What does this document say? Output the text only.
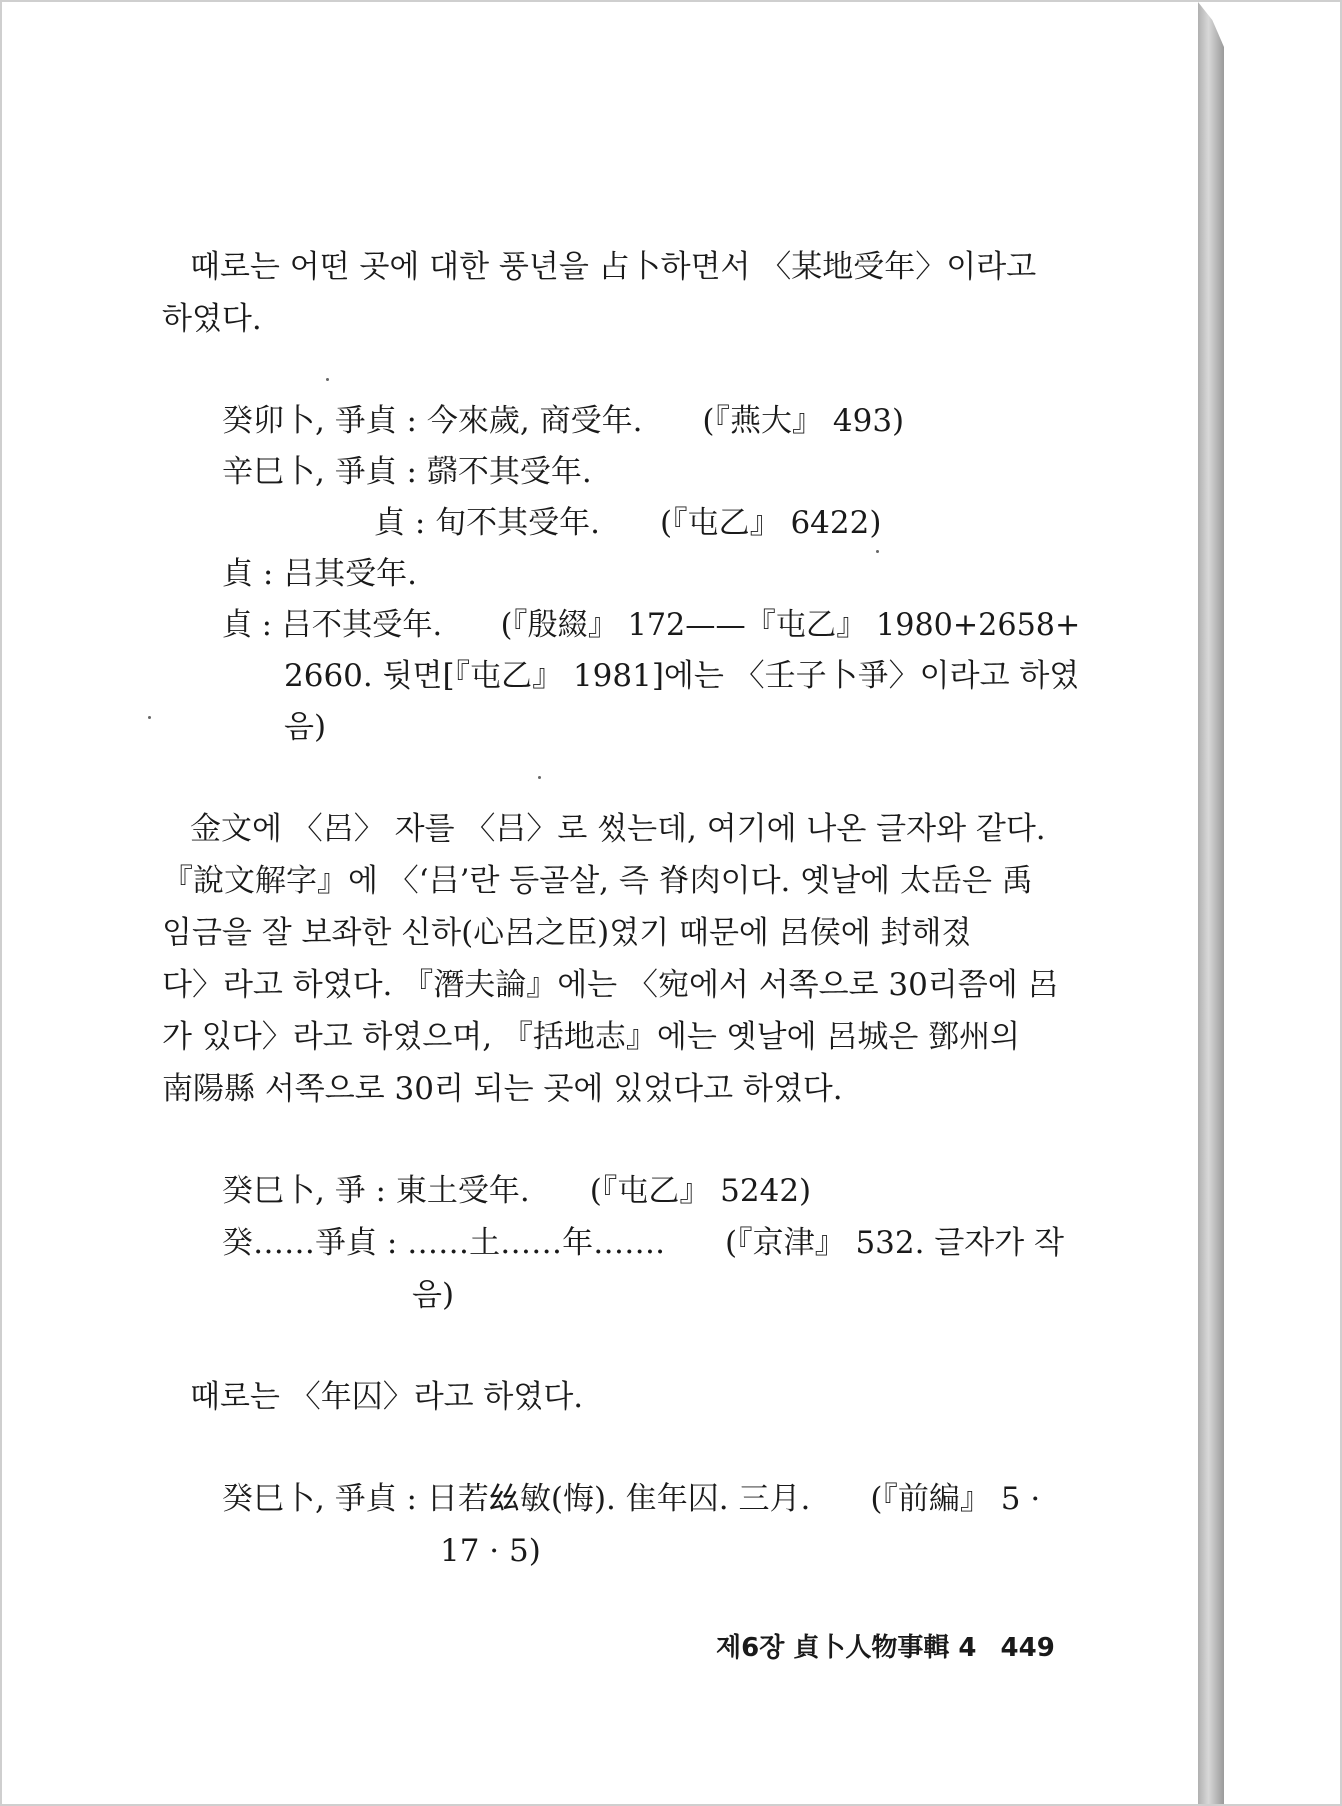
때로는 어떤 곳에 대한 풍년을 占卜하면서 〈某地受年〉이라고
하였다.
癸卯卜, 爭貞 : 今來歲, 商受年. (『燕大』 493)
辛巳卜, 爭貞 : 𣫘不其受年.
貞 : 旬不其受年. (『屯乙』 6422)
貞 : 吕其受年.
貞 : 吕不其受年. (『殷綴』 172——『屯乙』 1980+2658+
2660. 뒷면[『屯乙』 1981]에는 〈壬子卜爭〉이라고 하였
음)
金文에 〈呂〉 자를 〈吕〉로 썼는데, 여기에 나온 글자와 같다.
『說文解字』에 〈‘吕’란 등골살, 즉 脊肉이다. 옛날에 太岳은 禹
임금을 잘 보좌한 신하(心呂之臣)였기 때문에 呂侯에 封해졌
다〉라고 하였다. 『潛夫論』에는 〈宛에서 서쪽으로 30리쯤에 呂
가 있다〉라고 하였으며, 『括地志』에는 옛날에 呂城은 鄧州의
南陽縣 서쪽으로 30리 되는 곳에 있었다고 하였다.
癸巳卜, 爭 : 東土受年. (『屯乙』 5242)
癸……爭貞 : ……土……年……. (『京津』 532. 글자가 작
음)
때로는 〈年囚〉라고 하였다.
癸巳卜, 爭貞 : 日若𢆶敏(悔). 隹年囚. 三月. (『前編』 5 ·
17 · 5)
제6장 貞卜人物事輯 4 449
